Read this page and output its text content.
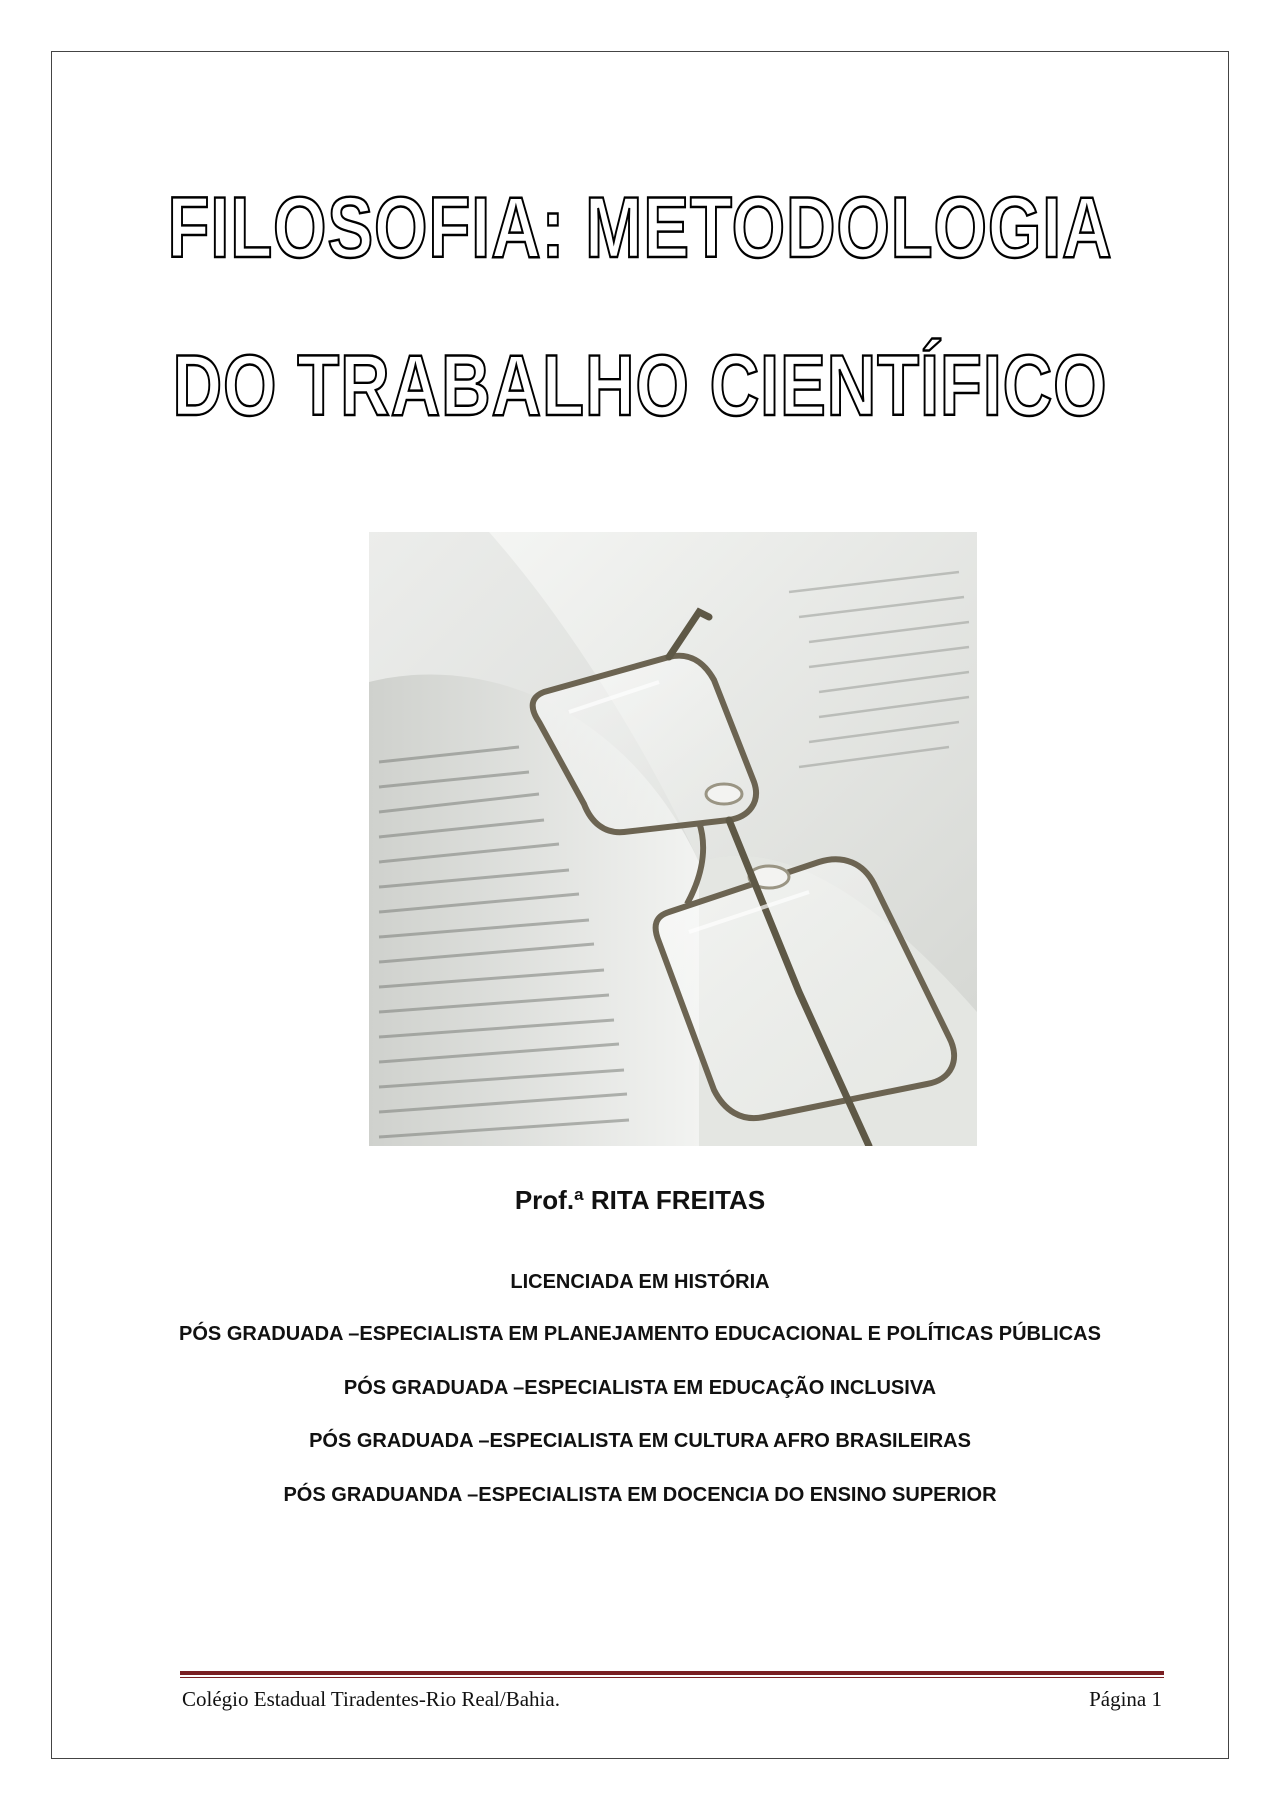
FILOSOFIA: METODOLOGIA
DO TRABALHO CIENTÍFICO
Prof.ª RITA FREITAS
LICENCIADA EM HISTÓRIA
PÓS GRADUADA –ESPECIALISTA EM PLANEJAMENTO EDUCACIONAL E POLÍTICAS PÚBLICAS
PÓS GRADUADA –ESPECIALISTA EM EDUCAÇÃO INCLUSIVA
PÓS GRADUADA –ESPECIALISTA EM CULTURA AFRO BRASILEIRAS
PÓS GRADUANDA –ESPECIALISTA EM DOCENCIA DO ENSINO SUPERIOR
Colégio Estadual Tiradentes-Rio Real/Bahia.	Página 1
